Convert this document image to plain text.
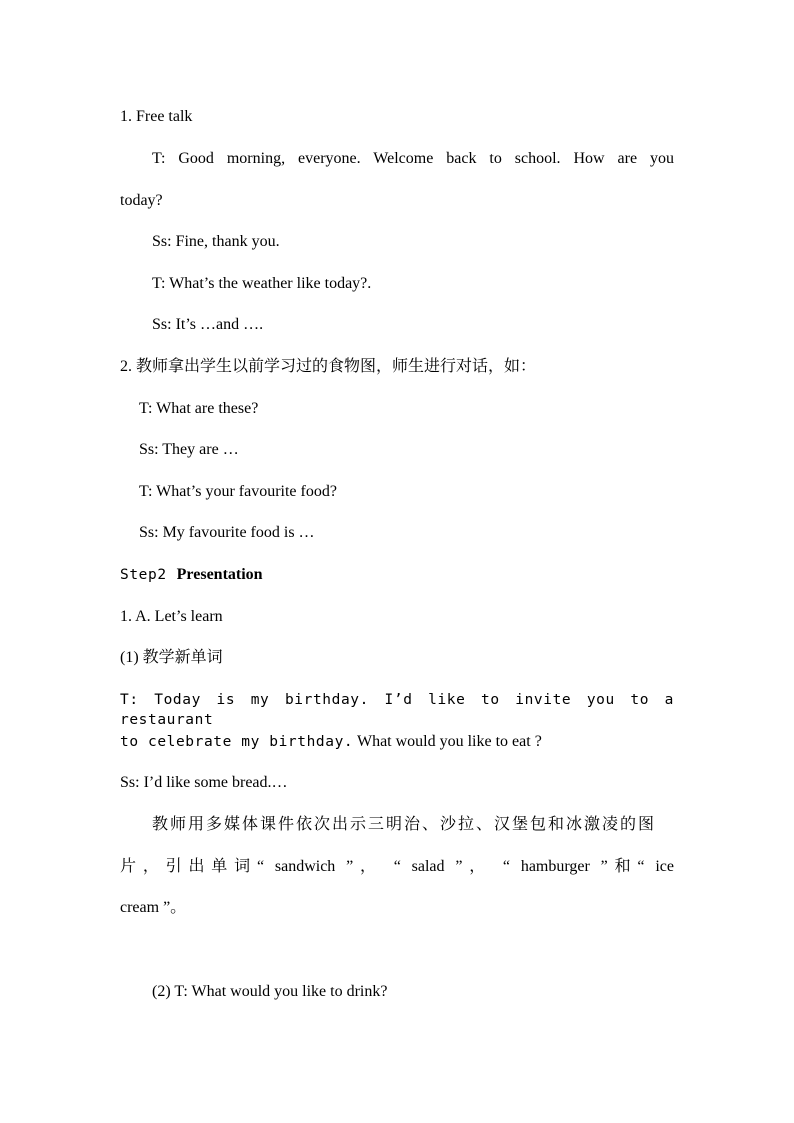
1. Free talk
T: Good morning, everyone. Welcome back to school. How are you
today?
Ss: Fine, thank you.
T: What’s the weather like today?.
Ss: It’s …and ….
2. 教师拿出学生以前学习过的食物图，师生进行对话，如：
T: What are these?
Ss: They are …
T: What’s your favourite food?
Ss: My favourite food is …
Step2 Presentation
1. A. Let’s learn
(1) 教学新单词
T: Today is my birthday. I’d like to invite you to a restaurant
to celebrate my birthday. What would you like to eat ?
Ss: I’d like some bread.…
教师用多媒体课件依次出示三明治、沙拉、汉堡包和冰激凌的图
片，引出单词“ sandwich ”， “ salad ”， “ hamburger ”和“ ice
cream ”。
(2) T: What would you like to drink?
